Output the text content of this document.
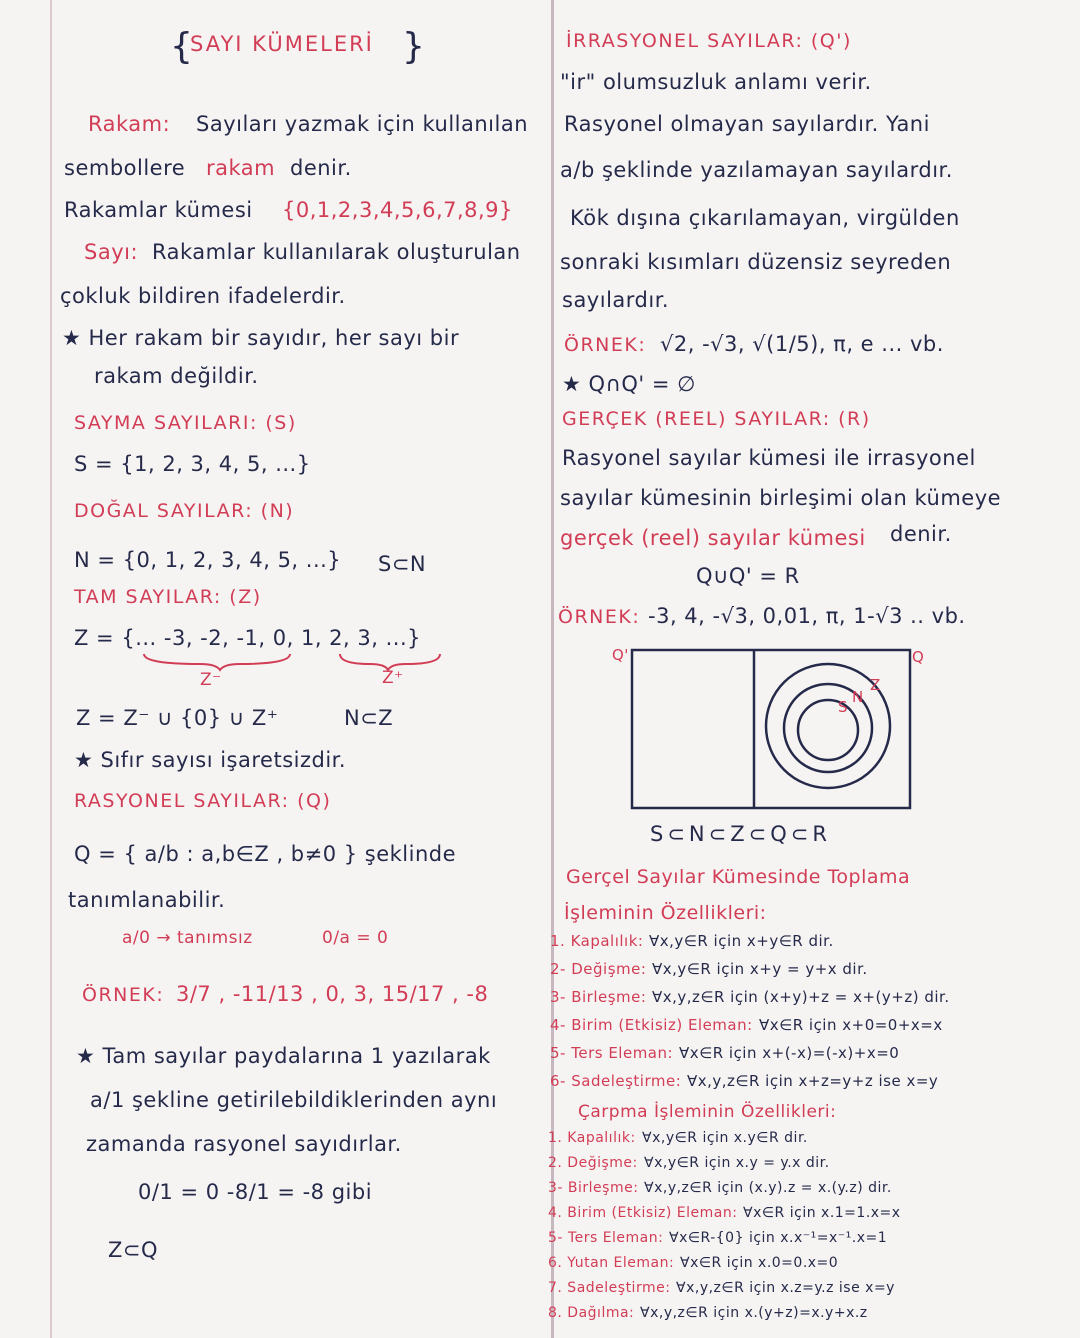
{
SAYI KÜMELERİ }
Rakam: Sayıları yazmak için kullanılan
sembollere rakam denir.
Rakamlar kümesi {0,1,2,3,4,5,6,7,8,9}
Sayı: Rakamlar kullanılarak oluşturulan
çokluk bildiren ifadelerdir.
★ Her rakam bir sayıdır, her sayı bir
rakam değildir.
SAYMA SAYILARI: (S)
S = {1, 2, 3, 4, 5, ...}
DOĞAL SAYILAR: (N)
N = {0, 1, 2, 3, 4, 5, ...} S⊂N
TAM SAYILAR: (Z)
Z = {... -3, -2, -1, 0, 1, 2, 3, ...}
Z⁻	Z⁺
Z = Z⁻ ∪ {0} ∪ Z⁺	N⊂Z
★ Sıfır sayısı işaretsizdir.
RASYONEL SAYILAR: (Q)
Q = { a/b : a,b∈Z , b≠0 } şeklinde
tanımlanabilir.
a/0 → tanımsız	0/a = 0
ÖRNEK: 3/7 , -11/13 , 0, 3, 15/17 , -8
★ Tam sayılar paydalarına 1 yazılarak
a/1 şekline getirilebildiklerinden aynı
zamanda rasyonel sayıdırlar.
0/1 = 0 -8/1 = -8 gibi
Z⊂Q
İRRASYONEL SAYILAR: (Q')
"ir" olumsuzluk anlamı verir.
Rasyonel olmayan sayılardır. Yani
a/b şeklinde yazılamayan sayılardır.
Kök dışına çıkarılamayan, virgülden
sonraki kısımları düzensiz seyreden
sayılardır.
ÖRNEK: √2, -√3, √(1/5), π, e ... vb.
★ Q∩Q' = ∅
GERÇEK (REEL) SAYILAR: (R)
Rasyonel sayılar kümesi ile irrasyonel
sayılar kümesinin birleşimi olan kümeye
gerçek (reel) sayılar kümesi denir.
Q∪Q' = R
ÖRNEK: -3, 4, -√3, 0,01, π, 1-√3 .. vb.
Q'	Q
Z
N
S
S⊂N⊂Z⊂Q⊂R
Gerçel Sayılar Kümesinde Toplama
İşleminin Özellikleri:
1. Kapalılık: ∀x,y∈R için x+y∈R dir.
2- Değişme: ∀x,y∈R için x+y = y+x dir.
3- Birleşme: ∀x,y,z∈R için (x+y)+z = x+(y+z) dir.
4- Birim (Etkisiz) Eleman: ∀x∈R için x+0=0+x=x
5- Ters Eleman: ∀x∈R için x+(-x)=(-x)+x=0
6- Sadeleştirme: ∀x,y,z∈R için x+z=y+z ise x=y
Çarpma İşleminin Özellikleri:
1. Kapalılık: ∀x,y∈R için x.y∈R dir.
2. Değişme: ∀x,y∈R için x.y = y.x dir.
3- Birleşme: ∀x,y,z∈R için (x.y).z = x.(y.z) dir.
4. Birim (Etkisiz) Eleman: ∀x∈R için x.1=1.x=x
5- Ters Eleman: ∀x∈R-{0} için x.x⁻¹=x⁻¹.x=1
6. Yutan Eleman: ∀x∈R için x.0=0.x=0
7. Sadeleştirme: ∀x,y,z∈R için x.z=y.z ise x=y
8. Dağılma: ∀x,y,z∈R için x.(y+z)=x.y+x.z
